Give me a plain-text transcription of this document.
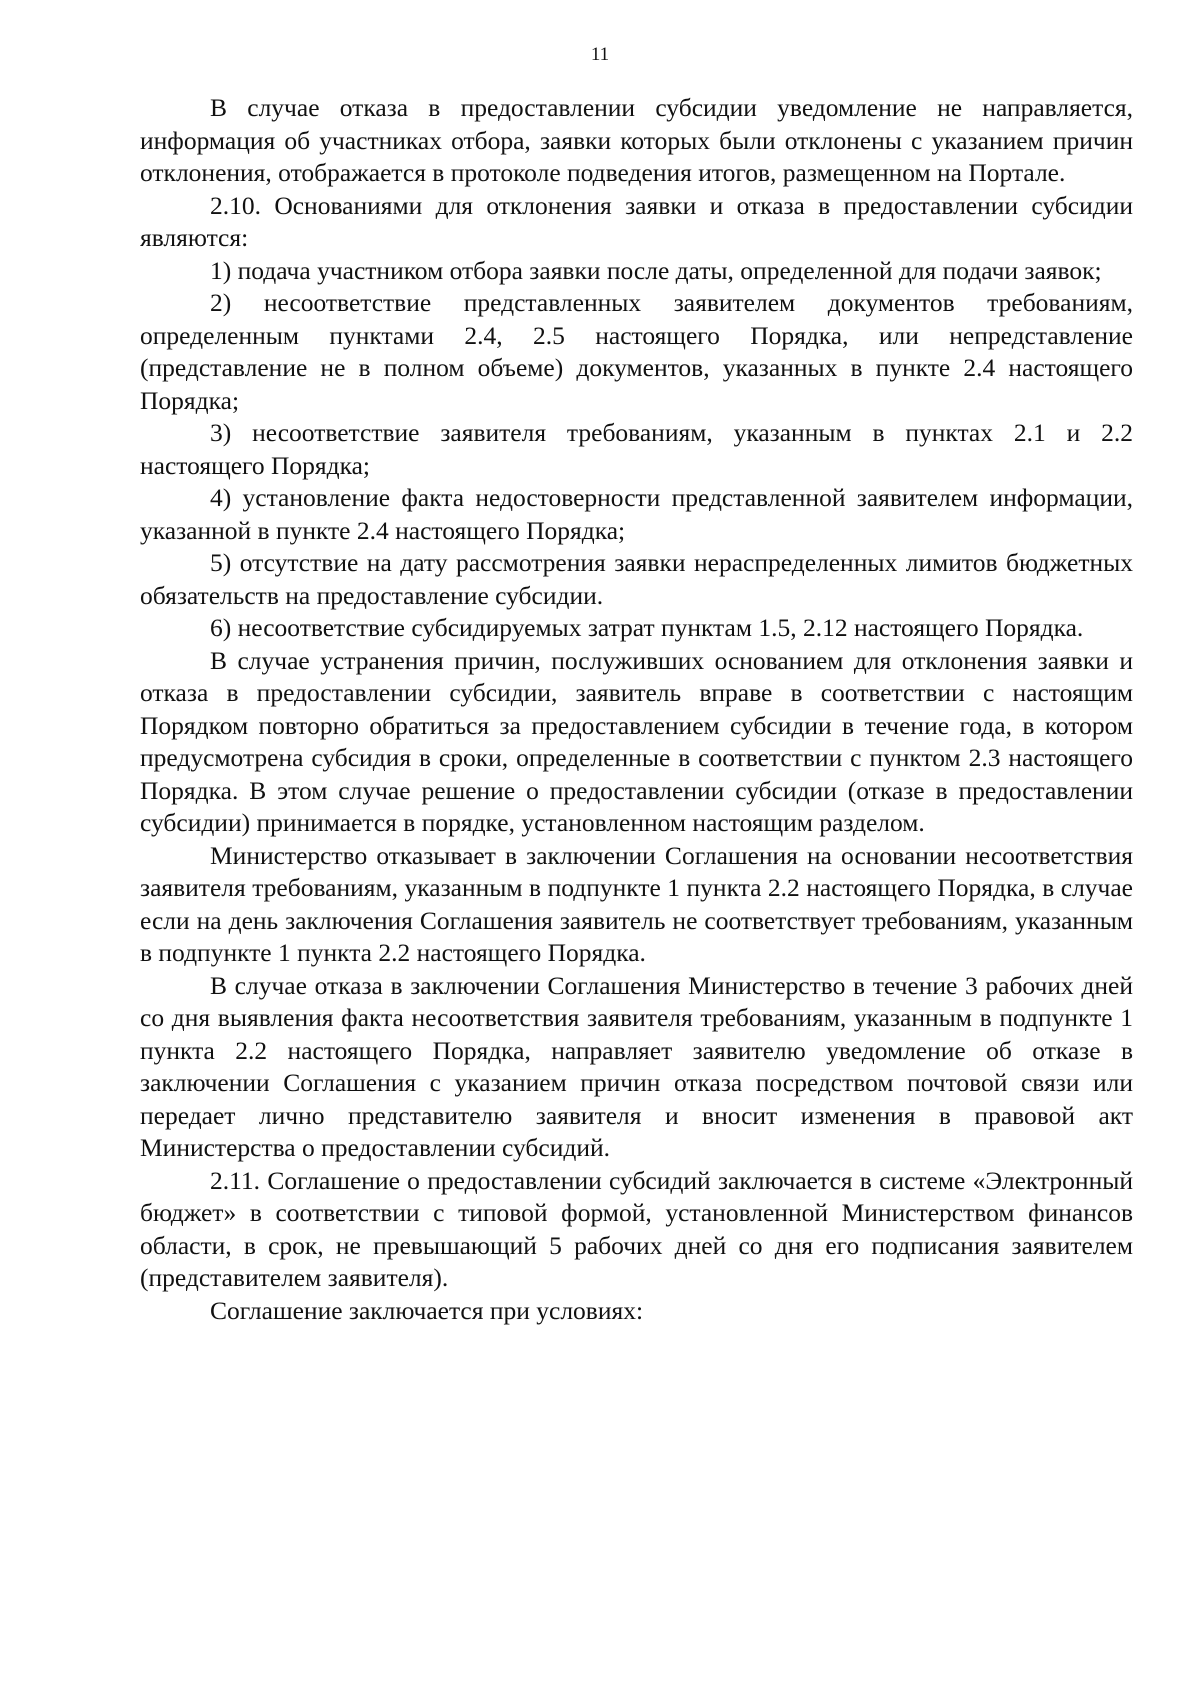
11

В случае отказа в предоставлении субсидии уведомление не направляется, информация об участниках отбора, заявки которых были отклонены с указанием причин отклонения, отображается в протоколе подведения итогов, размещенном на Портале.

2.10. Основаниями для отклонения заявки и отказа в предоставлении субсидии являются:

1) подача участником отбора заявки после даты, определенной для подачи заявок;

2) несоответствие представленных заявителем документов требованиям, определенным пунктами 2.4, 2.5 настоящего Порядка, или непредставление (представление не в полном объеме) документов, указанных в пункте 2.4 настоящего Порядка;

3) несоответствие заявителя требованиям, указанным в пунктах 2.1 и 2.2 настоящего Порядка;

4) установление факта недостоверности представленной заявителем информации, указанной в пункте 2.4 настоящего Порядка;

5) отсутствие на дату рассмотрения заявки нераспределенных лимитов бюджетных обязательств на предоставление субсидии.

6) несоответствие субсидируемых затрат пунктам 1.5, 2.12 настоящего Порядка.

В случае устранения причин, послуживших основанием для отклонения заявки и отказа в предоставлении субсидии, заявитель вправе в соответствии с настоящим Порядком повторно обратиться за предоставлением субсидии в течение года, в котором предусмотрена субсидия в сроки, определенные в соответствии с пунктом 2.3 настоящего Порядка. В этом случае решение о предоставлении субсидии (отказе в предоставлении субсидии) принимается в порядке, установленном настоящим разделом.

Министерство отказывает в заключении Соглашения на основании несоответствия заявителя требованиям, указанным в подпункте 1 пункта 2.2 настоящего Порядка, в случае если на день заключения Соглашения заявитель не соответствует требованиям, указанным в подпункте 1 пункта 2.2 настоящего Порядка.

В случае отказа в заключении Соглашения Министерство в течение 3 рабочих дней со дня выявления факта несоответствия заявителя требованиям, указанным в подпункте 1 пункта 2.2 настоящего Порядка, направляет заявителю уведомление об отказе в заключении Соглашения с указанием причин отказа посредством почтовой связи или передает лично представителю заявителя и вносит изменения в правовой акт Министерства о предоставлении субсидий.

2.11. Соглашение о предоставлении субсидий заключается в системе «Электронный бюджет» в соответствии с типовой формой, установленной Министерством финансов области, в срок, не превышающий 5 рабочих дней со дня его подписания заявителем (представителем заявителя).

Соглашение заключается при условиях:
